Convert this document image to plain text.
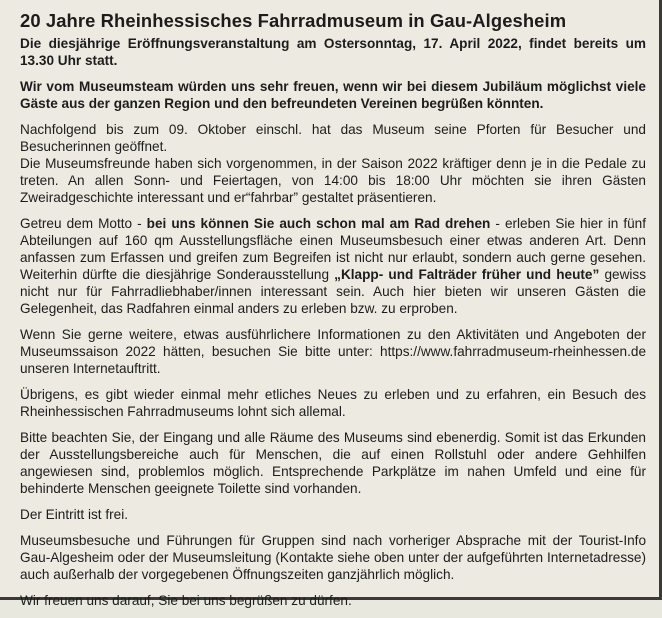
20 Jahre Rheinhessisches Fahrradmuseum in Gau-Algesheim

Die diesjährige Eröffnungsveranstaltung am Ostersonntag, 17. April 2022, findet bereits um 13.30 Uhr statt.

Wir vom Museumsteam würden uns sehr freuen, wenn wir bei diesem Jubiläum möglichst viele Gäste aus der ganzen Region und den befreundeten Vereinen begrüßen könnten.

Nachfolgend bis zum 09. Oktober einschl. hat das Museum seine Pforten für Besucher und Besucherinnen geöffnet.

Die Museumsfreunde haben sich vorgenommen, in der Saison 2022 kräftiger denn je in die Pedale zu treten. An allen Sonn- und Feiertagen, von 14:00 bis 18:00 Uhr möchten sie ihren Gästen Zweiradgeschichte interessant und er“fahrbar” gestaltet präsentieren.

Getreu dem Motto - bei uns können Sie auch schon mal am Rad drehen - erleben Sie hier in fünf Abteilungen auf 160 qm Ausstellungsfläche einen Museumsbesuch einer etwas anderen Art. Denn anfassen zum Erfassen und greifen zum Begreifen ist nicht nur erlaubt, sondern auch gerne gesehen. Weiterhin dürfte die diesjährige Sonderausstellung „Klapp- und Falträder früher und heute” gewiss nicht nur für Fahrradliebhaber/innen interessant sein. Auch hier bieten wir unseren Gästen die Gelegenheit, das Radfahren einmal anders zu erleben bzw. zu erproben.

Wenn Sie gerne weitere, etwas ausführlichere Informationen zu den Aktivitäten und Angeboten der Museumssaison 2022 hätten, besuchen Sie bitte unter: https://www.fahrradmuseum-rheinhessen.de unseren Internetauftritt.

Übrigens, es gibt wieder einmal mehr etliches Neues zu erleben und zu erfahren, ein Besuch des Rheinhessischen Fahrradmuseums lohnt sich allemal.

Bitte beachten Sie, der Eingang und alle Räume des Museums sind ebenerdig. Somit ist das Erkunden der Ausstellungsbereiche auch für Menschen, die auf einen Rollstuhl oder andere Gehhilfen angewiesen sind, problemlos möglich. Entsprechende Parkplätze im nahen Umfeld und eine für behinderte Menschen geeignete Toilette sind vorhanden.

Der Eintritt ist frei.

Museumsbesuche und Führungen für Gruppen sind nach vorheriger Absprache mit der Tourist-Info Gau-Algesheim oder der Museumsleitung (Kontakte siehe oben unter der aufgeführten Internetadresse) auch außerhalb der vorgegebenen Öffnungszeiten ganzjährlich möglich.

Wir freuen uns darauf, Sie bei uns begrüßen zu dürfen.
